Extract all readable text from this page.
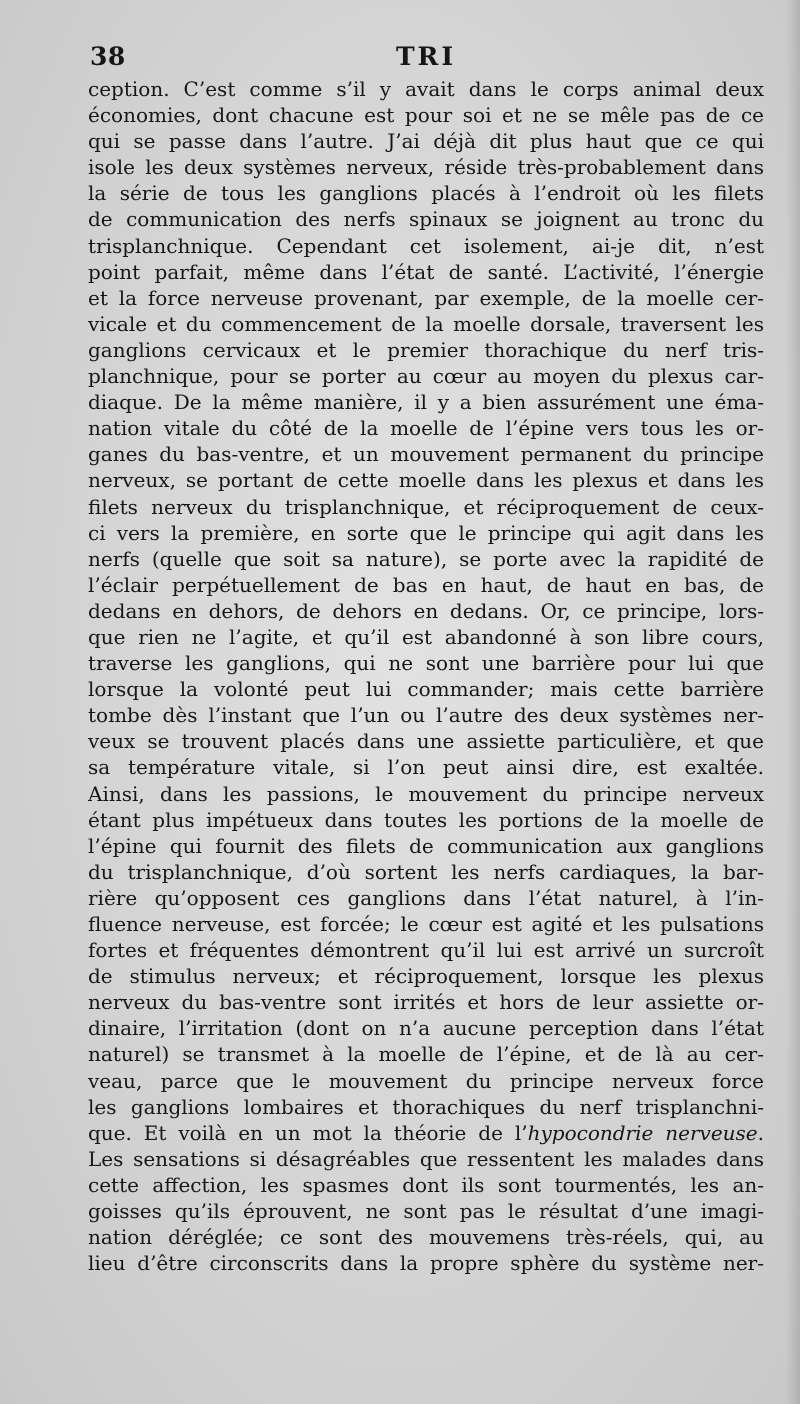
38	TRI
ception. C’est comme s’il y avait dans le corps animal deux
économies, dont chacune est pour soi et ne se mêle pas de ce
qui se passe dans l’autre. J’ai déjà dit plus haut que ce qui
isole les deux systèmes nerveux, réside très-probablement dans
la série de tous les ganglions placés à l’endroit où les filets
de communication des nerfs spinaux se joignent au tronc du
trisplanchnique. Cependant cet isolement, ai-je dit, n’est
point parfait, même dans l’état de santé. L’activité, l’énergie
et la force nerveuse provenant, par exemple, de la moelle cer-
vicale et du commencement de la moelle dorsale, traversent les
ganglions cervicaux et le premier thorachique du nerf tris-
planchnique, pour se porter au cœur au moyen du plexus car-
diaque. De la même manière, il y a bien assurément une éma-
nation vitale du côté de la moelle de l’épine vers tous les or-
ganes du bas-ventre, et un mouvement permanent du principe
nerveux, se portant de cette moelle dans les plexus et dans les
filets nerveux du trisplanchnique, et réciproquement de ceux-
ci vers la première, en sorte que le principe qui agit dans les
nerfs (quelle que soit sa nature), se porte avec la rapidité de
l’éclair perpétuellement de bas en haut, de haut en bas, de
dedans en dehors, de dehors en dedans. Or, ce principe, lors-
que rien ne l’agite, et qu’il est abandonné à son libre cours,
traverse les ganglions, qui ne sont une barrière pour lui que
lorsque la volonté peut lui commander; mais cette barrière
tombe dès l’instant que l’un ou l’autre des deux systèmes ner-
veux se trouvent placés dans une assiette particulière, et que
sa température vitale, si l’on peut ainsi dire, est exaltée.
Ainsi, dans les passions, le mouvement du principe nerveux
étant plus impétueux dans toutes les portions de la moelle de
l’épine qui fournit des filets de communication aux ganglions
du trisplanchnique, d’où sortent les nerfs cardiaques, la bar-
rière qu’opposent ces ganglions dans l’état naturel, à l’in-
fluence nerveuse, est forcée; le cœur est agité et les pulsations
fortes et fréquentes démontrent qu’il lui est arrivé un surcroît
de stimulus nerveux; et réciproquement, lorsque les plexus
nerveux du bas-ventre sont irrités et hors de leur assiette or-
dinaire, l’irritation (dont on n’a aucune perception dans l’état
naturel) se transmet à la moelle de l’épine, et de là au cer-
veau, parce que le mouvement du principe nerveux force
les ganglions lombaires et thorachiques du nerf trisplanchni-
que. Et voilà en un mot la théorie de l’hypocondrie nerveuse.
Les sensations si désagréables que ressentent les malades dans
cette affection, les spasmes dont ils sont tourmentés, les an-
goisses qu’ils éprouvent, ne sont pas le résultat d’une imagi-
nation déréglée; ce sont des mouvemens très-réels, qui, au
lieu d’être circonscrits dans la propre sphère du système ner-
